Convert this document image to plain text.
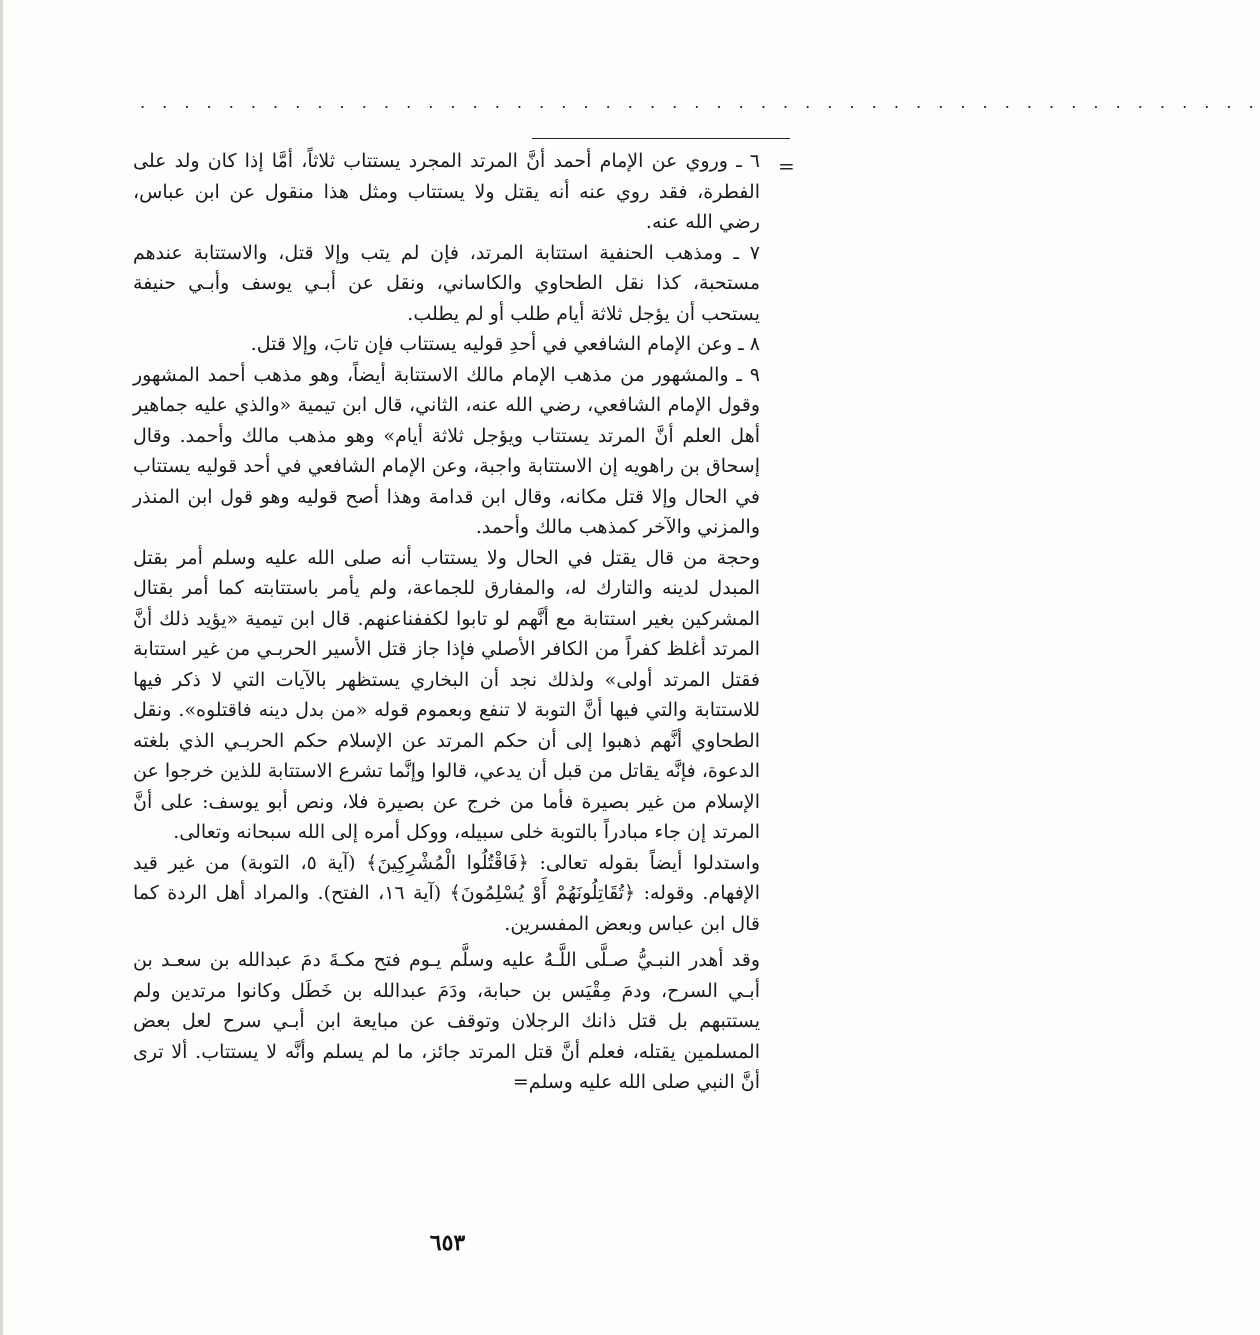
. . . . . . . . . . . . . . . . . . . . . . . . . . . . . . . . . . . . . . . . . . . . . . . . . . .
=

٦ ـ وروي عن الإمام أحمد أنَّ المرتد المجرد يستتاب ثلاثاً، أمَّا إذا كان ولد على الفطرة، فقد روي عنه أنه يقتل ولا يستتاب ومثل هذا منقول عن ابن عباس، رضي الله عنه.

٧ ـ ومذهب الحنفية استتابة المرتد، فإن لم يتب وإلا قتل، والاستتابة عندهم مستحبة، كذا نقل الطحاوي والكاساني، ونقل عن أبـي يوسف وأبـي حنيفة يستحب أن يؤجل ثلاثة أيام طلب أو لم يطلب.

٨ ـ وعن الإمام الشافعي في أحدِ قوليه يستتاب فإن تابَ، وإلا قتل.

٩ ـ والمشهور من مذهب الإمام مالك الاستتابة أيضاً، وهو مذهب أحمد المشهور وقول الإمام الشافعي، رضي الله عنه، الثاني، قال ابن تيمية «والذي عليه جماهير أهل العلم أنَّ المرتد يستتاب ويؤجل ثلاثة أيام» وهو مذهب مالك وأحمد. وقال إسحاق بن راهويه إن الاستتابة واجبة، وعن الإمام الشافعي في أحد قوليه يستتاب في الحال وإلا قتل مكانه، وقال ابن قدامة وهذا أصح قوليه وهو قول ابن المنذر والمزني والآخر كمذهب مالك وأحمد.

وحجة من قال يقتل في الحال ولا يستتاب أنه صلى الله عليه وسلم أمر بقتل المبدل لدينه والتارك له، والمفارق للجماعة، ولم يأمر باستتابته كما أمر بقتال المشركين بغير استتابة مع أنَّهم لو تابوا لكففناعنهم. قال ابن تيمية «يؤيد ذلك أنَّ المرتد أغلظ كفراً من الكافر الأصلي فإذا جاز قتل الأسير الحربـي من غير استتابة فقتل المرتد أولى» ولذلك نجد أن البخاري يستظهر بالآيات التي لا ذكر فيها للاستتابة والتي فيها أنَّ التوبة لا تنفع وبعموم قوله «من بدل دينه فاقتلوه». ونقل الطحاوي أنَّهم ذهبوا إلى أن حكم المرتد عن الإسلام حكم الحربـي الذي بلغته الدعوة، فإنَّه يقاتل من قبل أن يدعي، قالوا وإنَّما تشرع الاستتابة للذين خرجوا عن الإسلام من غير بصيرة فأما من خرج عن بصيرة فلا، ونص أبو يوسف: على أنَّ المرتد إن جاء مبادراً بالتوبة خلى سبيله، ووكل أمره إلى الله سبحانه وتعالى.

واستدلوا أيضاً بقوله تعالى: ﴿فَاقْتُلُوا الْمُشْرِكِينَ﴾ (آية ٥، التوبة) من غير قيد الإفهام. وقوله: ﴿تُقَاتِلُونَهُمْ أَوْ يُسْلِمُونَ﴾ (آية ١٦، الفتح). والمراد أهل الردة كما قال ابن عباس وبعض المفسرين.

وقد أهدر النبـيُّ صـلَّى اللَّـهُ عليه وسلَّم يـوم فتح مكـةَ دمَ عبدالله بن سعـد بن أبـي السرح، ودمَ مِقْيَس بن حبابة، ودَمَ عبدالله بن خَطَل وكانوا مرتدين ولم يستتبهم بل قتل ذانك الرجلان وتوقف عن مبايعة ابن أبـي سرح لعل بعض المسلمين يقتله، فعلم أنَّ قتل المرتد جائز، ما لم يسلم وأنَّه لا يستتاب. ألا ترى أنَّ النبي صلى الله عليه وسلم=

٦٥٣
